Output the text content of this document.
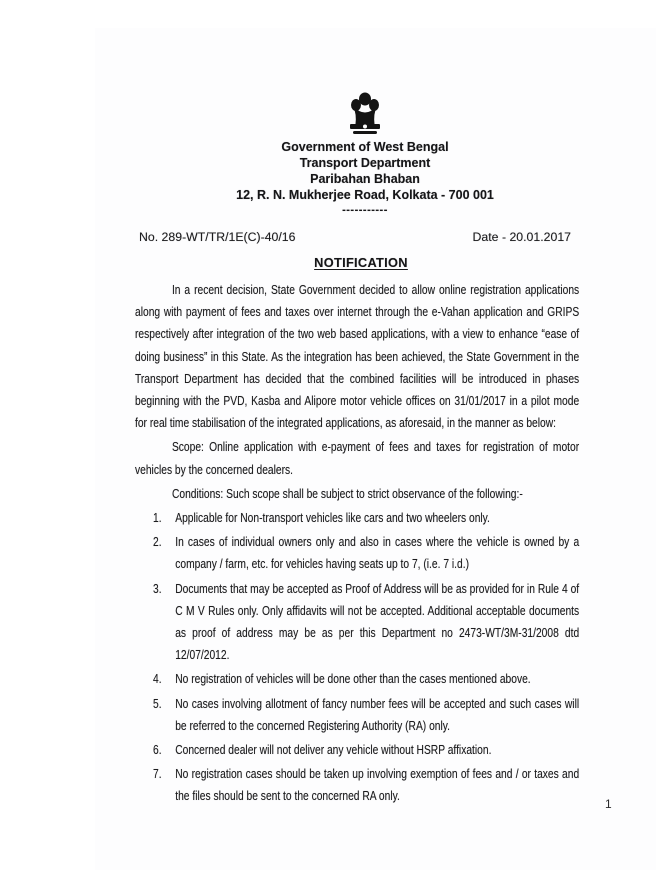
Government of West Bengal
Transport Department
Paribahan Bhaban
12, R. N. Mukherjee Road, Kolkata - 700 001
-----------
No. 289-WT/TR/1E(C)-40/16	Date - 20.01.2017
NOTIFICATION

In a recent decision, State Government decided to allow online registration applications along with payment of fees and taxes over internet through the e-Vahan application and GRIPS respectively after integration of the two web based applications, with a view to enhance “ease of doing business” in this State. As the integration has been achieved, the State Government in the Transport Department has decided that the combined facilities will be introduced in phases beginning with the PVD, Kasba and Alipore motor vehicle offices on 31/01/2017 in a pilot mode for real time stabilisation of the integrated applications, as aforesaid, in the manner as below:

Scope: Online application with e-payment of fees and taxes for registration of motor vehicles by the concerned dealers.

Conditions: Such scope shall be subject to strict observance of the following:-

1. Applicable for Non-transport vehicles like cars and two wheelers only.
2. In cases of individual owners only and also in cases where the vehicle is owned by a company / farm, etc. for vehicles having seats up to 7, (i.e. 7 i.d.)
3. Documents that may be accepted as Proof of Address will be as provided for in Rule 4 of C M V Rules only. Only affidavits will not be accepted. Additional acceptable documents as proof of address may be as per this Department no 2473-WT/3M-31/2008 dtd 12/07/2012.
4. No registration of vehicles will be done other than the cases mentioned above.
5. No cases involving allotment of fancy number fees will be accepted and such cases will be referred to the concerned Registering Authority (RA) only.
6. Concerned dealer will not deliver any vehicle without HSRP affixation.
7. No registration cases should be taken up involving exemption of fees and / or taxes and the files should be sent to the concerned RA only.
1
